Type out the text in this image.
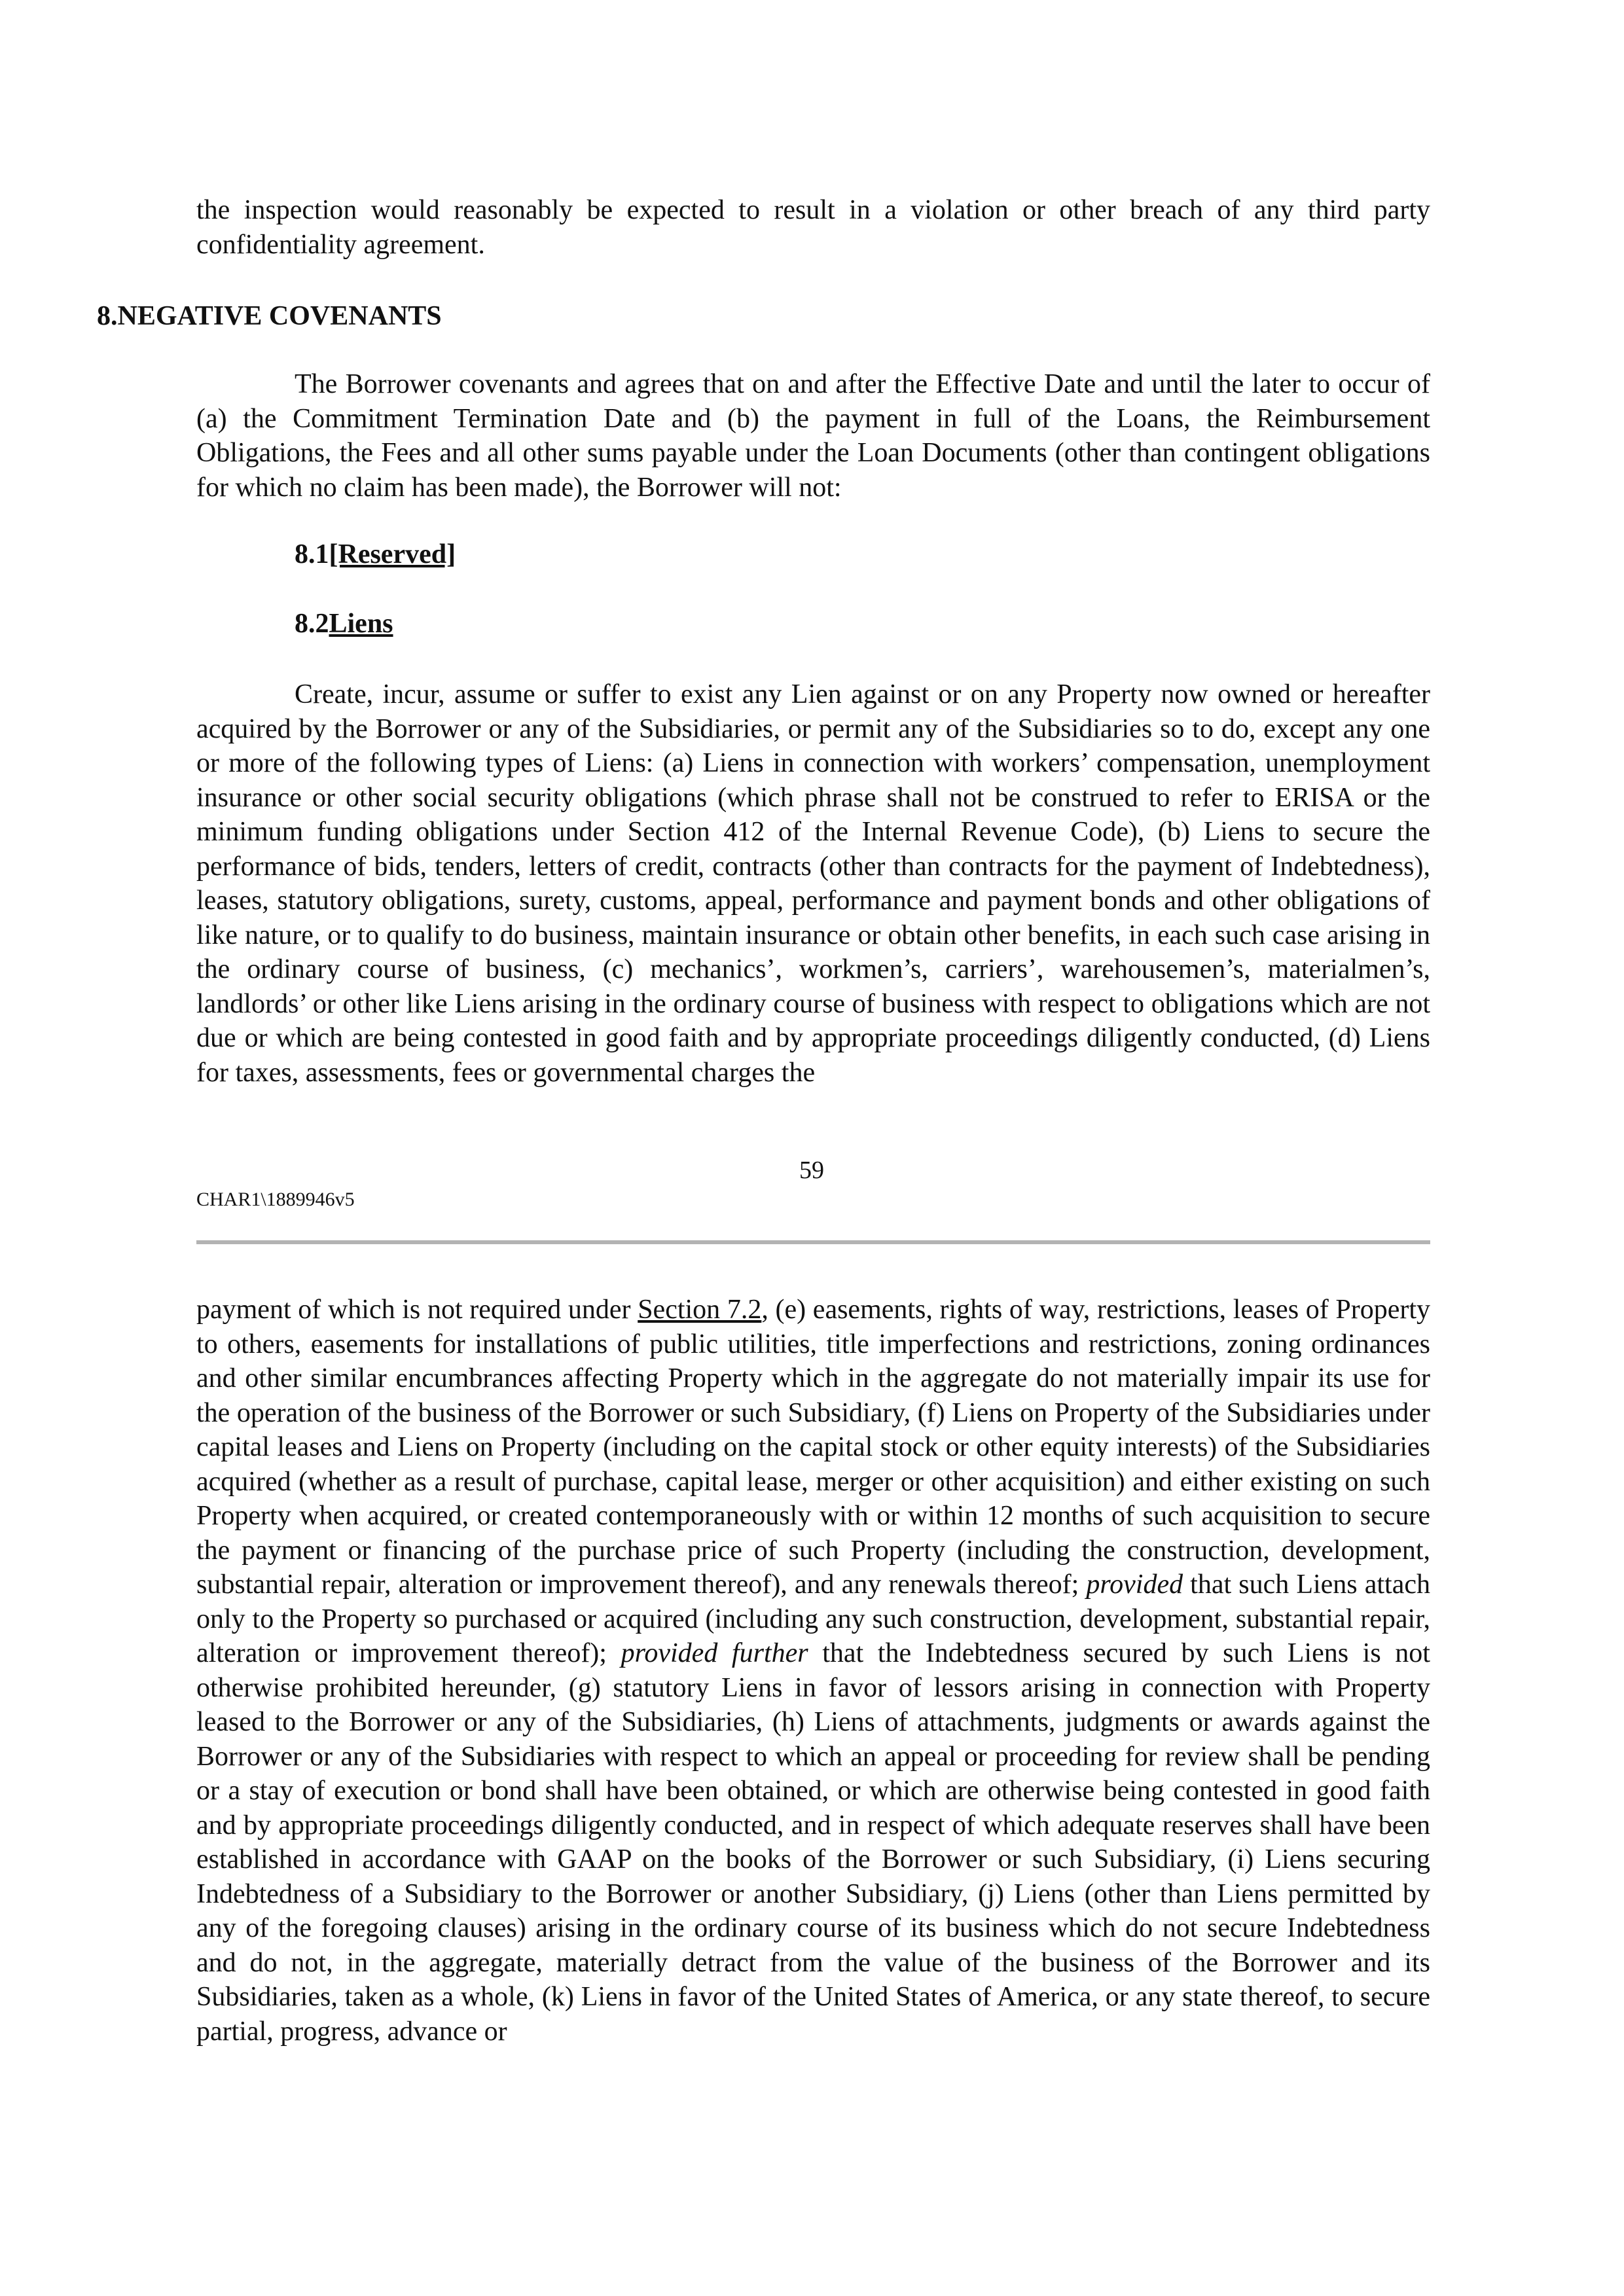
the inspection would reasonably be expected to result in a violation or other breach of any third party confidentiality agreement.

8.NEGATIVE COVENANTS

The Borrower covenants and agrees that on and after the Effective Date and until the later to occur of (a) the Commitment Termination Date and (b) the payment in full of the Loans, the Reimbursement Obligations, the Fees and all other sums payable under the Loan Documents (other than contingent obligations for which no claim has been made), the Borrower will not:

8.1[Reserved]
8.2Liens

Create, incur, assume or suffer to exist any Lien against or on any Property now owned or hereafter acquired by the Borrower or any of the Subsidiaries, or permit any of the Subsidiaries so to do, except any one or more of the following types of Liens: (a) Liens in connection with workers’ compensation, unemployment insurance or other social security obligations (which phrase shall not be construed to refer to ERISA or the minimum funding obligations under Section 412 of the Internal Revenue Code), (b) Liens to secure the performance of bids, tenders, letters of credit, contracts (other than contracts for the payment of Indebtedness), leases, statutory obligations, surety, customs, appeal, performance and payment bonds and other obligations of like nature, or to qualify to do business, maintain insurance or obtain other benefits, in each such case arising in the ordinary course of business, (c) mechanics’, workmen’s, carriers’, warehousemen’s, materialmen’s, landlords’ or other like Liens arising in the ordinary course of business with respect to obligations which are not due or which are being contested in good faith and by appropriate proceedings diligently conducted, (d) Liens for taxes, assessments, fees or governmental charges the

59
CHAR1\1889946v5

payment of which is not required under Section 7.2, (e) easements, rights of way, restrictions, leases of Property to others, easements for installations of public utilities, title imperfections and restrictions, zoning ordinances and other similar encumbrances affecting Property which in the aggregate do not materially impair its use for the operation of the business of the Borrower or such Subsidiary, (f) Liens on Property of the Subsidiaries under capital leases and Liens on Property (including on the capital stock or other equity interests) of the Subsidiaries acquired (whether as a result of purchase, capital lease, merger or other acquisition) and either existing on such Property when acquired, or created contemporaneously with or within 12 months of such acquisition to secure the payment or financing of the purchase price of such Property (including the construction, development, substantial repair, alteration or improvement thereof), and any renewals thereof; provided that such Liens attach only to the Property so purchased or acquired (including any such construction, development, substantial repair, alteration or improvement thereof); provided further that the Indebtedness secured by such Liens is not otherwise prohibited hereunder, (g) statutory Liens in favor of lessors arising in connection with Property leased to the Borrower or any of the Subsidiaries, (h) Liens of attachments, judgments or awards against the Borrower or any of the Subsidiaries with respect to which an appeal or proceeding for review shall be pending or a stay of execution or bond shall have been obtained, or which are otherwise being contested in good faith and by appropriate proceedings diligently conducted, and in respect of which adequate reserves shall have been established in accordance with GAAP on the books of the Borrower or such Subsidiary, (i) Liens securing Indebtedness of a Subsidiary to the Borrower or another Subsidiary, (j) Liens (other than Liens permitted by any of the foregoing clauses) arising in the ordinary course of its business which do not secure Indebtedness and do not, in the aggregate, materially detract from the value of the business of the Borrower and its Subsidiaries, taken as a whole, (k) Liens in favor of the United States of America, or any state thereof, to secure partial, progress, advance or
